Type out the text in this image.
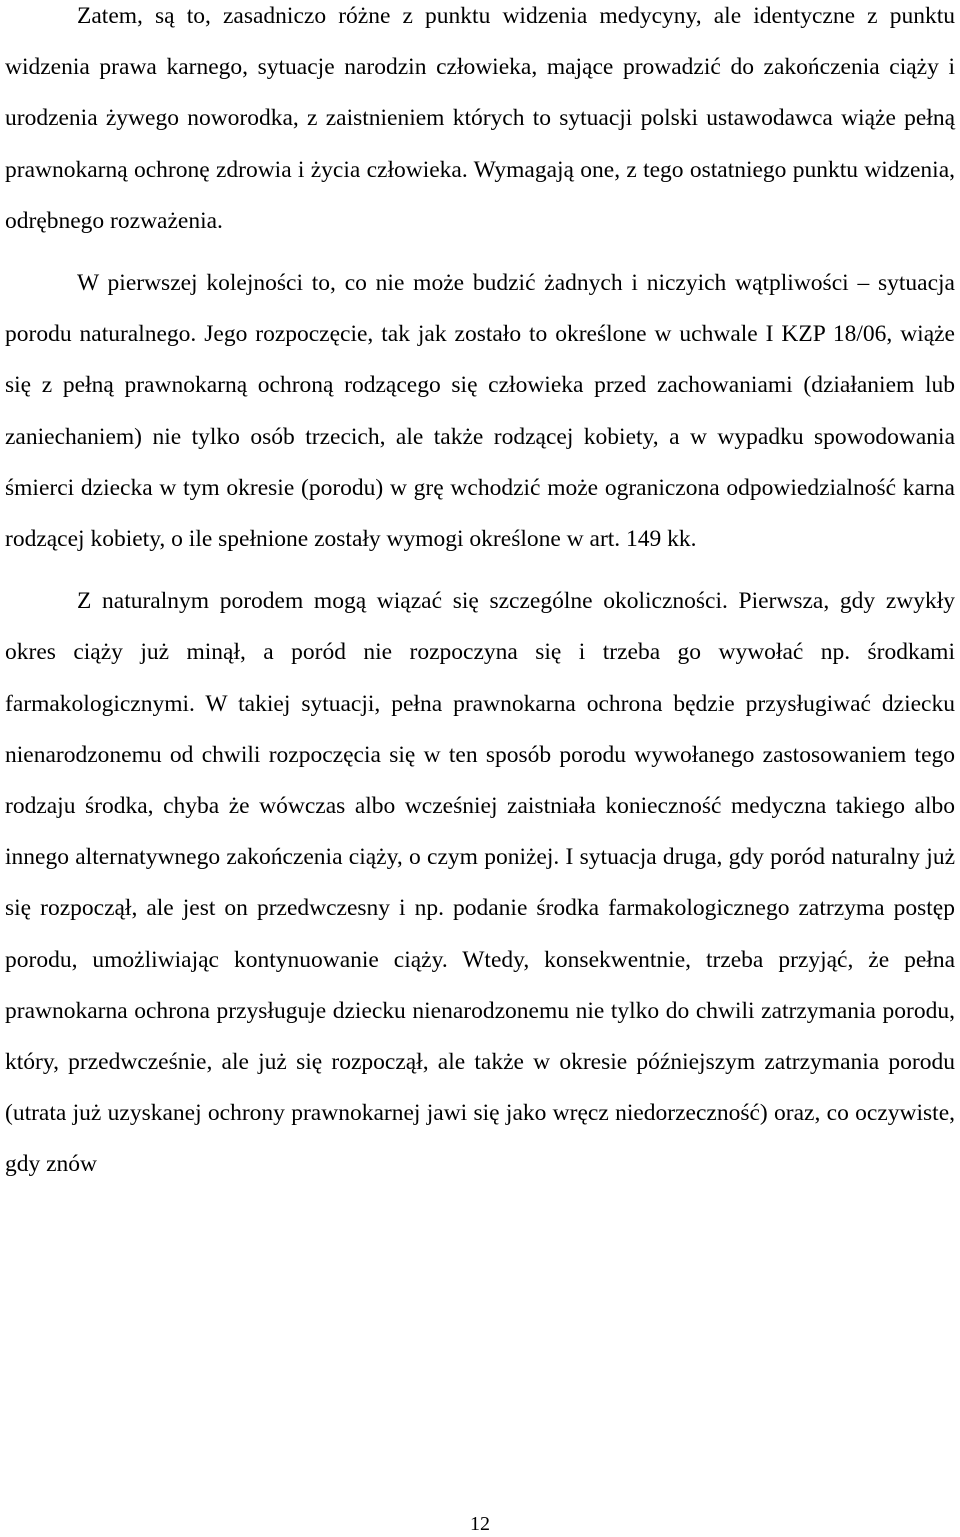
Zatem, są to, zasadniczo różne z punktu widzenia medycyny, ale identyczne z punktu widzenia prawa karnego, sytuacje narodzin człowieka, mające prowadzić do zakończenia ciąży i urodzenia żywego noworodka, z zaistnieniem których to sytuacji polski ustawodawca wiąże pełną prawnokarną ochronę zdrowia i życia człowieka. Wymagają one, z tego ostatniego punktu widzenia, odrębnego rozważenia.

W pierwszej kolejności to, co nie może budzić żadnych i niczyich wątpliwości – sytuacja porodu naturalnego. Jego rozpoczęcie, tak jak zostało to określone w uchwale I KZP 18/06, wiąże się z pełną prawnokarną ochroną rodzącego się człowieka przed zachowaniami (działaniem lub zaniechaniem) nie tylko osób trzecich, ale także rodzącej kobiety, a w wypadku spowodowania śmierci dziecka w tym okresie (porodu) w grę wchodzić może ograniczona odpowiedzialność karna rodzącej kobiety, o ile spełnione zostały wymogi określone w art. 149 kk.

Z naturalnym porodem mogą wiązać się szczególne okoliczności. Pierwsza, gdy zwykły okres ciąży już minął, a poród nie rozpoczyna się i trzeba go wywołać np. środkami farmakologicznymi. W takiej sytuacji, pełna prawnokarna ochrona będzie przysługiwać dziecku nienarodzonemu od chwili rozpoczęcia się w ten sposób porodu wywołanego zastosowaniem tego rodzaju środka, chyba że wówczas albo wcześniej zaistniała konieczność medyczna takiego albo innego alternatywnego zakończenia ciąży, o czym poniżej. I sytuacja druga, gdy poród naturalny już się rozpoczął, ale jest on przedwczesny i np. podanie środka farmakologicznego zatrzyma postęp porodu, umożliwiając kontynuowanie ciąży. Wtedy, konsekwentnie, trzeba przyjąć, że pełna prawnokarna ochrona przysługuje dziecku nienarodzonemu nie tylko do chwili zatrzymania porodu, który, przedwcześnie, ale już się rozpoczął, ale także w okresie późniejszym zatrzymania porodu (utrata już uzyskanej ochrony prawnokarnej jawi się jako wręcz niedorzeczność) oraz, co oczywiste, gdy znów

12
